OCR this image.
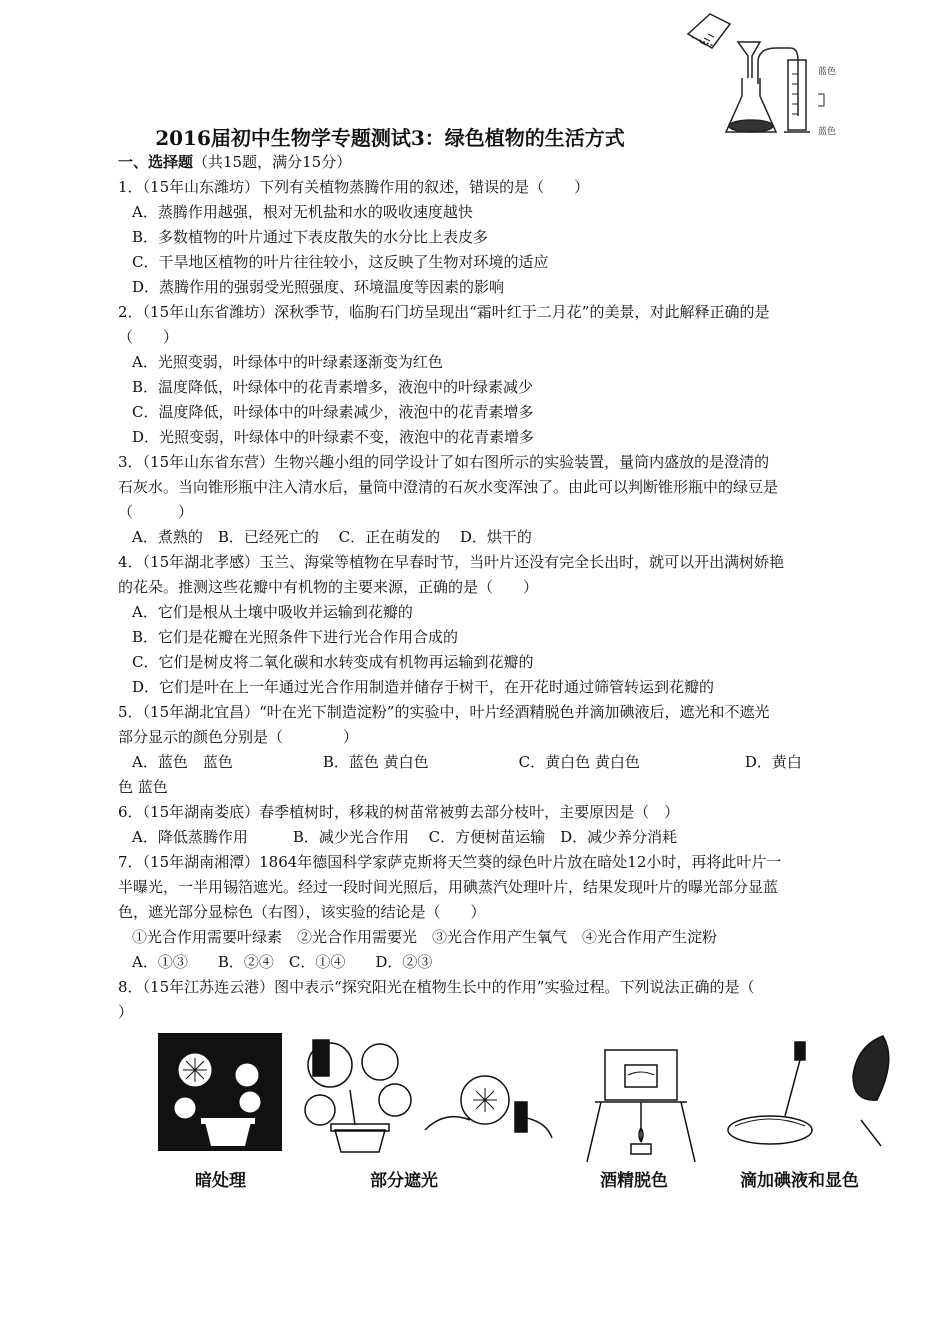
蓝色
蓝色
2016届初中生物学专题测试3：绿色植物的生活方式
一、选择题（共15题，满分15分）
1．（15年山东潍坊）下列有关植物蒸腾作用的叙述，错误的是（　　）
A．蒸腾作用越强，根对无机盐和水的吸收速度越快
B．多数植物的叶片通过下表皮散失的水分比上表皮多
C．干旱地区植物的叶片往往较小，这反映了生物对环境的适应
D．蒸腾作用的强弱受光照强度、环境温度等因素的影响
2．（15年山东省潍坊）深秋季节，临朐石门坊呈现出“霜叶红于二月花”的美景，对此解释正确的是
（　　）
A．光照变弱，叶绿体中的叶绿素逐渐变为红色
B．温度降低，叶绿体中的花青素增多，液泡中的叶绿素减少
C．温度降低，叶绿体中的叶绿素减少，液泡中的花青素增多
D．光照变弱，叶绿体中的叶绿素不变，液泡中的花青素增多
3．（15年山东省东营）生物兴趣小组的同学设计了如右图所示的实验装置，量筒内盛放的是澄清的
石灰水。当向锥形瓶中注入清水后，量筒中澄清的石灰水变浑浊了。由此可以判断锥形瓶中的绿豆是
（　　　）
A．煮熟的　B．已经死亡的　 C．正在萌发的　 D．烘干的
4．（15年湖北孝感）玉兰、海棠等植物在早春时节，当叶片还没有完全长出时，就可以开出满树娇艳
的花朵。推测这些花瓣中有机物的主要来源，正确的是（　　）
A．它们是根从土壤中吸收并运输到花瓣的
B．它们是花瓣在光照条件下进行光合作用合成的
C．它们是树皮将二氧化碳和水转变成有机物再运输到花瓣的
D．它们是叶在上一年通过光合作用制造并储存于树干，在开花时通过筛管转运到花瓣的
5．（15年湖北宜昌）“叶在光下制造淀粉”的实验中，叶片经酒精脱色并滴加碘液后，遮光和不遮光
部分显示的颜色分别是（　　　　）
A．蓝色　蓝色　　　　　　B．蓝色 黄白色　　　　　　C．黄白色 黄白色　　　　　　　D．黄白
色 蓝色
6．（15年湖南娄底）春季植树时，移栽的树苗常被剪去部分枝叶，主要原因是（　）
A．降低蒸腾作用　　　B．减少光合作用　 C．方便树苗运输　D．减少养分消耗
7．（15年湖南湘潭）1864年德国科学家萨克斯将天竺葵的绿色叶片放在暗处12小时，再将此叶片一
半曝光，一半用锡箔遮光。经过一段时间光照后，用碘蒸汽处理叶片，结果发现叶片的曝光部分显蓝
色，遮光部分显棕色（右图），该实验的结论是（　　）
①光合作用需要叶绿素　②光合作用需要光　③光合作用产生氧气　④光合作用产生淀粉
A．①③　　B．②④　C．①④　　D．②③
8．（15年江苏连云港）图中表示“探究阳光在植物生长中的作用”实验过程。下列说法正确的是（
）
暗处理	部分遮光	酒精脱色	滴加碘液和显色
